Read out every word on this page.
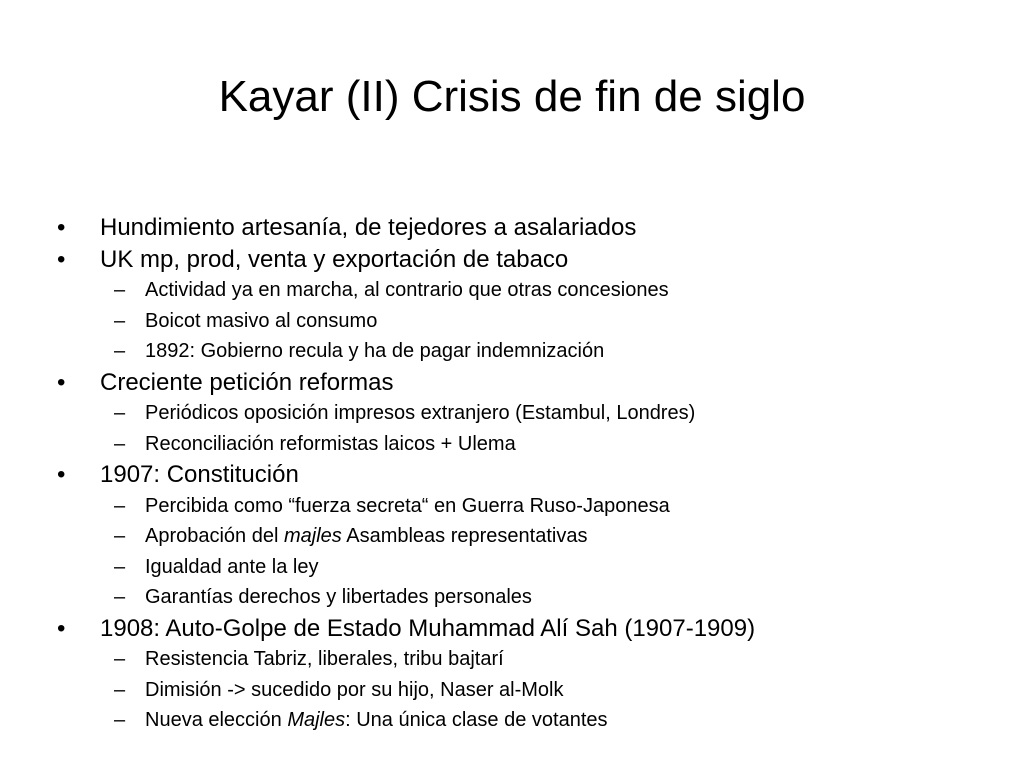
Kayar (II) Crisis de fin de siglo
• Hundimiento artesanía, de tejedores a asalariados
• UK mp, prod, venta y exportación de tabaco
– Actividad ya en marcha, al contrario que otras concesiones
– Boicot masivo al consumo
– 1892: Gobierno recula y ha de pagar indemnización
• Creciente petición reformas
– Periódicos oposición impresos extranjero (Estambul, Londres)
– Reconciliación reformistas laicos + Ulema
• 1907: Constitución
– Percibida como “fuerza secreta“ en Guerra Ruso-Japonesa
– Aprobación del majles Asambleas representativas
– Igualdad ante la ley
– Garantías derechos y libertades personales
• 1908: Auto-Golpe de Estado Muhammad Alí Sah (1907-1909)
– Resistencia Tabriz, liberales, tribu bajtarí
– Dimisión -> sucedido por su hijo, Naser al-Molk
– Nueva elección Majles: Una única clase de votantes
